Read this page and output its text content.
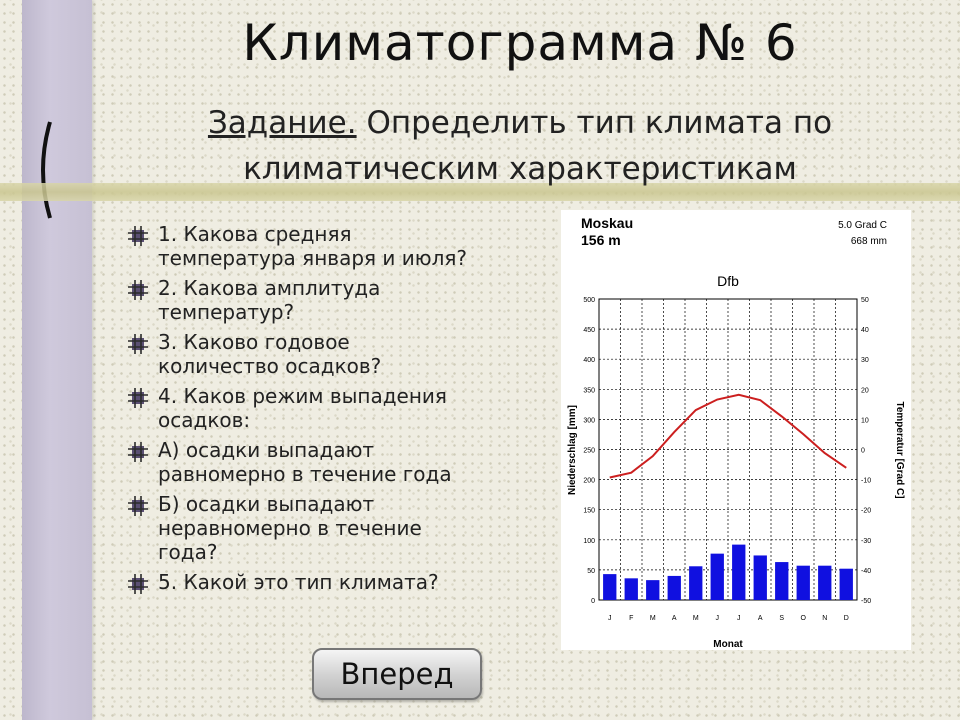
Климатограмма № 6
Задание. Определить тип климата по
климатическим характеристикам
1. Какова средняя
температура января и июля?
2. Какова амплитуда
температур?
3. Каково годовое
количество осадков?
4. Каков режим выпадения
осадков:
А) осадки выпадают
равномерно в течение года
Б) осадки выпадают
неравномерно в течение
года?
5. Какой это тип климата?
Moskau
156 m
5.0 Grad C
668 mm
Dfb
Monat
Niederschlag [mm]	Temperatur [Grad C]
0
50
100
150
200
250
300
350
400
450
500
-50
-40
-30
-20
-10
0
10
20
30
40
50
J	F M A M J	J A S O N D
Вперед
